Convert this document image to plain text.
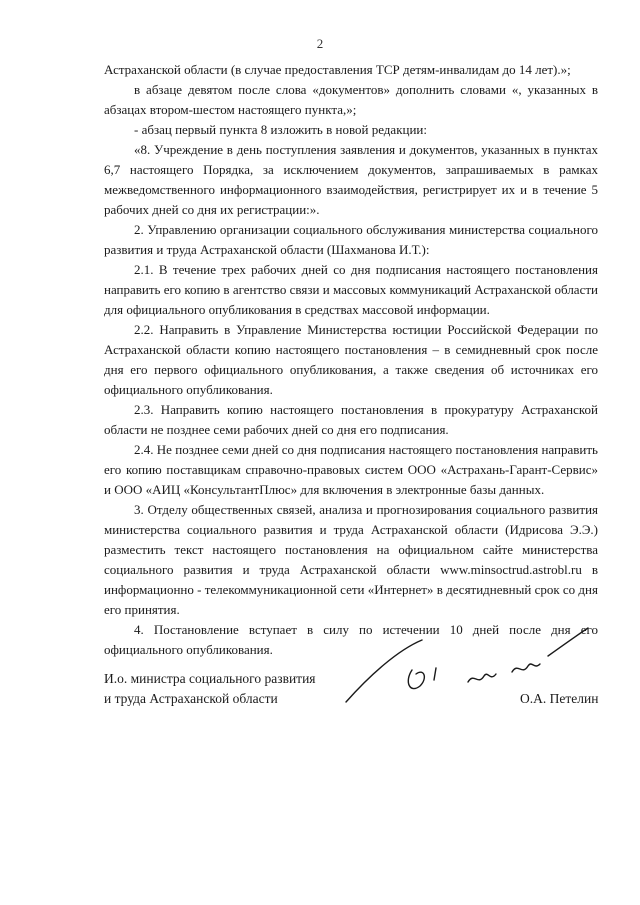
2

Астраханской области (в случае предоставления ТСР детям-инвалидам до 14 лет).»;

в абзаце девятом после слова «документов» дополнить словами «, указанных в абзацах втором-шестом настоящего пункта,»;

- абзац первый пункта 8 изложить в новой редакции:

«8. Учреждение в день поступления заявления и документов, указанных в пунктах 6,7 настоящего Порядка, за исключением документов, запрашиваемых в рамках межведомственного информационного взаимодействия, регистрирует их и в течение 5 рабочих дней со дня их регистрации:».

2. Управлению организации социального обслуживания министерства социального развития и труда Астраханской области (Шахманова И.Т.):

2.1. В течение трех рабочих дней со дня подписания настоящего постановления направить его копию в агентство связи и массовых коммуникаций Астраханской области для официального опубликования в средствах массовой информации.

2.2. Направить в Управление Министерства юстиции Российской Федерации по Астраханской области копию настоящего постановления – в семидневный срок после дня его первого официального опубликования, а также сведения об источниках его официального опубликования.

2.3. Направить копию настоящего постановления в прокуратуру Астраханской области не позднее семи рабочих дней со дня его подписания.

2.4. Не позднее семи дней со дня подписания настоящего постановления направить его копию поставщикам справочно-правовых систем ООО «Астрахань-Гарант-Сервис» и ООО «АИЦ «КонсультантПлюс» для включения в электронные базы данных.

3. Отделу общественных связей, анализа и прогнозирования социального развития министерства социального развития и труда Астраханской области (Идрисова Э.Э.) разместить текст настоящего постановления на официальном сайте министерства социального развития и труда Астраханской области www.minsoctrud.astrobl.ru в информационно - телекоммуникационной сети «Интернет» в десятидневный срок со дня его принятия.

4. Постановление вступает в силу по истечении 10 дней после дня его официального опубликования.

И.о. министра социального развития
и труда Астраханской области	О.А. Петелин
